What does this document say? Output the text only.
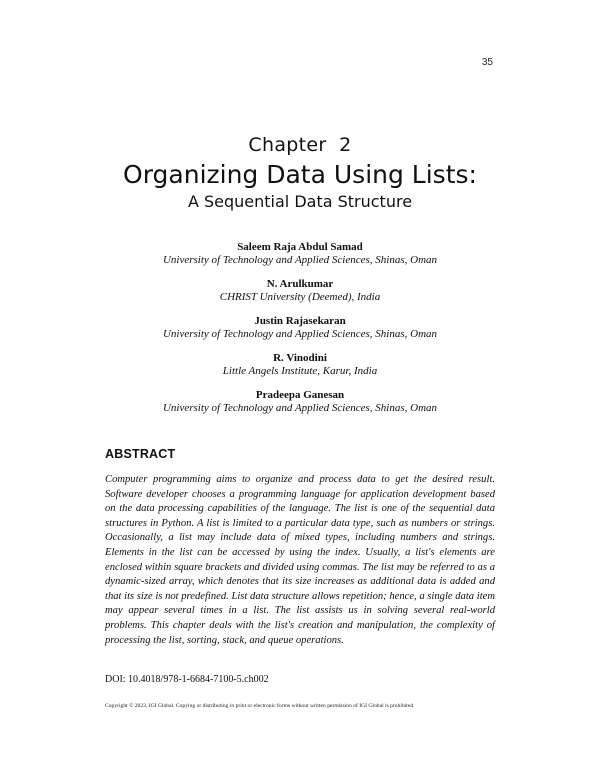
35
Chapter  2
Organizing Data Using Lists:
A Sequential Data Structure
Saleem Raja Abdul Samad
University of Technology and Applied Sciences, Shinas, Oman
N. Arulkumar
CHRIST University (Deemed), India
Justin Rajasekaran
University of Technology and Applied Sciences, Shinas, Oman
R. Vinodini
Little Angels Institute, Karur, India
Pradeepa Ganesan
University of Technology and Applied Sciences, Shinas, Oman
ABSTRACT
Computer programming aims to organize and process data to get the desired result. Software developer chooses a programming language for application development based on the data processing capabilities of the language. The list is one of the sequential data structures in Python. A list is limited to a particular data type, such as numbers or strings. Occasionally, a list may include data of mixed types, including numbers and strings. Elements in the list can be accessed by using the index. Usually, a list's elements are enclosed within square brackets and divided using commas. The list may be referred to as a dynamic-sized array, which denotes that its size increases as additional data is added and that its size is not predefined. List data structure allows repetition; hence, a single data item may appear several times in a list. The list assists us in solving several real-world problems. This chapter deals with the list's creation and manipulation, the complexity of processing the list, sorting, stack, and queue operations.
DOI: 10.4018/978-1-6684-7100-5.ch002
Copyright © 2023, IGI Global. Copying or distributing in print or electronic forms without written permission of IGI Global is prohibited.
